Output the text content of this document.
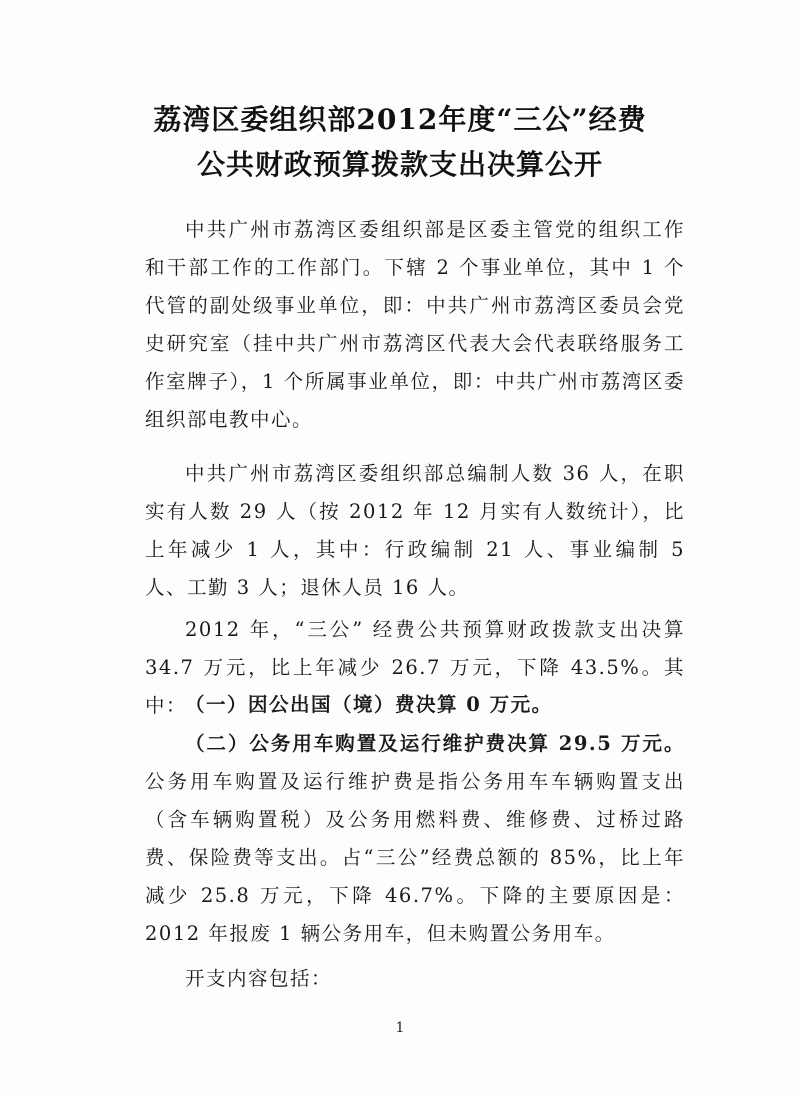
荔湾区委组织部2012年度“三公”经费
公共财政预算拨款支出决算公开
中共广州市荔湾区委组织部是区委主管党的组织工作和干部工作的工作部门。下辖 2 个事业单位，其中 1 个代管的副处级事业单位，即：中共广州市荔湾区委员会党史研究室（挂中共广州市荔湾区代表大会代表联络服务工作室牌子），1 个所属事业单位，即：中共广州市荔湾区委组织部电教中心。
中共广州市荔湾区委组织部总编制人数 36 人，在职实有人数 29 人（按 2012 年 12 月实有人数统计），比上年减少 1 人，其中：行政编制 21 人、事业编制 5 人、工勤 3 人；退休人员 16 人。
2012 年，“三公” 经费公共预算财政拨款支出决算 34.7 万元，比上年减少 26.7 万元，下降 43.5%。其中：
（一）因公出国（境）费决算 0 万元。
（二）公务用车购置及运行维护费决算 29.5 万元。公务用车购置及运行维护费是指公务用车车辆购置支出（含车辆购置税）及公务用燃料费、维修费、过桥过路费、保险费等支出。占“三公”经费总额的 85%，比上年减少 25.8 万元，下降 46.7%。下降的主要原因是：2012 年报废 1 辆公务用车，但未购置公务用车。
开支内容包括：
1
